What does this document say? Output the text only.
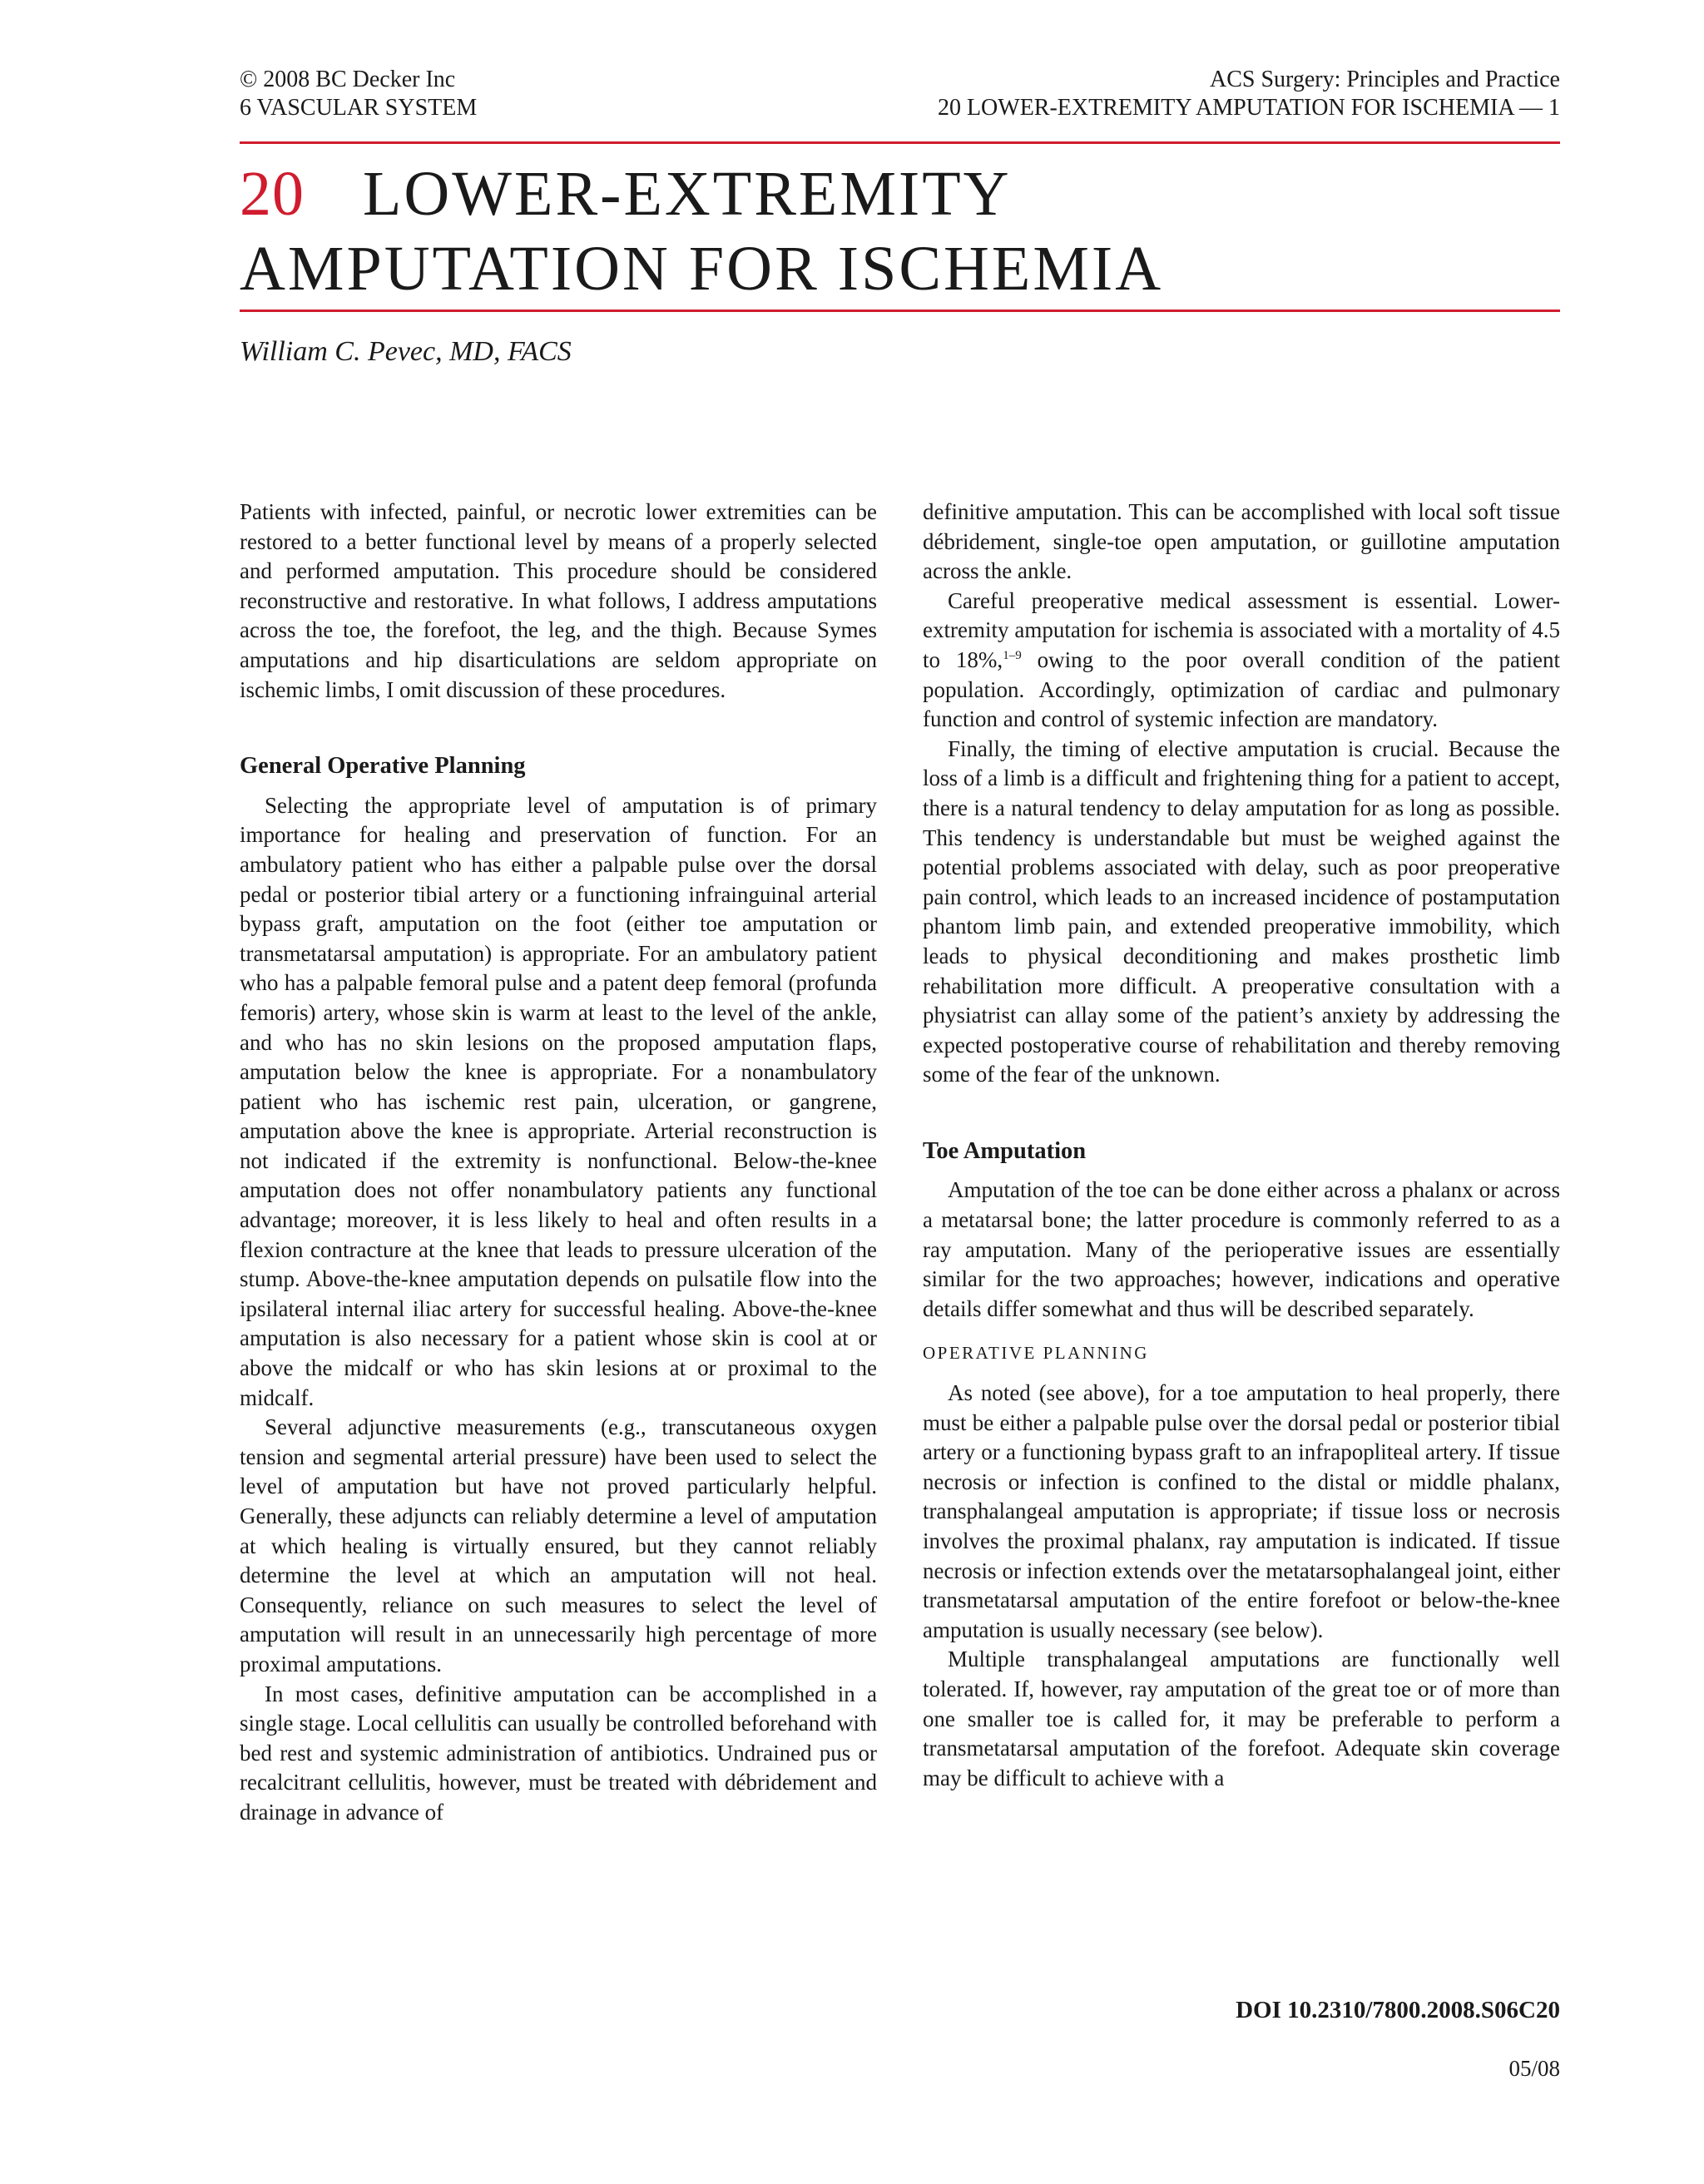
© 2008 BC Decker Inc
6 VASCULAR SYSTEM
ACS Surgery: Principles and Practice
20 LOWER-EXTREMITY AMPUTATION FOR ISCHEMIA — 1
20 LOWER-EXTREMITY
AMPUTATION FOR ISCHEMIA
William C. Pevec, MD, FACS

Patients with infected, painful, or necrotic lower extremities can be restored to a better functional level by means of a properly selected and performed amputation. This procedure should be considered reconstructive and restorative. In what follows, I address amputations across the toe, the forefoot, the leg, and the thigh. Because Symes amputations and hip disarticulations are seldom appropriate on ischemic limbs, I omit discussion of these procedures.

General Operative Planning

Selecting the appropriate level of amputation is of primary importance for healing and preservation of function. For an ambulatory patient who has either a palpable pulse over the dorsal pedal or posterior tibial artery or a functioning infrainguinal arterial bypass graft, amputation on the foot (either toe amputation or transmetatarsal amputation) is appropriate. For an ambulatory patient who has a palpable femoral pulse and a patent deep femoral (profunda femoris) artery, whose skin is warm at least to the level of the ankle, and who has no skin lesions on the proposed amputation flaps, amputation below the knee is appropriate. For a nonambulatory patient who has ischemic rest pain, ulceration, or gangrene, amputation above the knee is appropriate. Arterial reconstruction is not indicated if the extremity is nonfunctional. Below-the-knee amputation does not offer nonambulatory patients any functional advantage; moreover, it is less likely to heal and often results in a flexion contracture at the knee that leads to pressure ulceration of the stump. Above-the-knee amputation depends on pulsatile flow into the ipsilateral internal iliac artery for successful healing. Above-the-knee amputation is also necessary for a patient whose skin is cool at or above the midcalf or who has skin lesions at or proximal to the midcalf.

Several adjunctive measurements (e.g., transcutaneous oxygen tension and segmental arterial pressure) have been used to select the level of amputation but have not proved particularly helpful. Generally, these adjuncts can reliably determine a level of amputation at which healing is virtually ensured, but they cannot reliably determine the level at which an amputation will not heal. Consequently, reliance on such measures to select the level of amputation will result in an unnecessarily high percentage of more proximal amputations.

In most cases, definitive amputation can be accomplished in a single stage. Local cellulitis can usually be controlled beforehand with bed rest and systemic administration of antibiotics. Undrained pus or recalcitrant cellulitis, however, must be treated with débridement and drainage in advance of

definitive amputation. This can be accomplished with local soft tissue débridement, single-toe open amputation, or guillotine amputation across the ankle.

Careful preoperative medical assessment is essential. Lower-extremity amputation for ischemia is associated with a mortality of 4.5 to 18%,$^{1-9}$ owing to the poor overall condition of the patient population. Accordingly, optimization of cardiac and pulmonary function and control of systemic infection are mandatory.

Finally, the timing of elective amputation is crucial. Because the loss of a limb is a difficult and frightening thing for a patient to accept, there is a natural tendency to delay amputation for as long as possible. This tendency is understandable but must be weighed against the potential problems associated with delay, such as poor preoperative pain control, which leads to an increased incidence of postamputation phantom limb pain, and extended preoperative immobility, which leads to physical deconditioning and makes prosthetic limb rehabilitation more difficult. A preoperative consultation with a physiatrist can allay some of the patient’s anxiety by addressing the expected postoperative course of rehabilitation and thereby removing some of the fear of the unknown.

Toe Amputation

Amputation of the toe can be done either across a phalanx or across a metatarsal bone; the latter procedure is commonly referred to as a ray amputation. Many of the perioperative issues are essentially similar for the two approaches; however, indications and operative details differ somewhat and thus will be described separately.

OPERATIVE PLANNING

As noted (see above), for a toe amputation to heal properly, there must be either a palpable pulse over the dorsal pedal or posterior tibial artery or a functioning bypass graft to an infrapopliteal artery. If tissue necrosis or infection is confined to the distal or middle phalanx, transphalangeal amputation is appropriate; if tissue loss or necrosis involves the proximal phalanx, ray amputation is indicated. If tissue necrosis or infection extends over the metatarsophalangeal joint, either transmetatarsal amputation of the entire forefoot or below-the-knee amputation is usually necessary (see below).

Multiple transphalangeal amputations are functionally well tolerated. If, however, ray amputation of the great toe or of more than one smaller toe is called for, it may be preferable to perform a transmetatarsal amputation of the forefoot. Adequate skin coverage may be difficult to achieve with a

DOI 10.2310/7800.2008.S06C20
05/08
